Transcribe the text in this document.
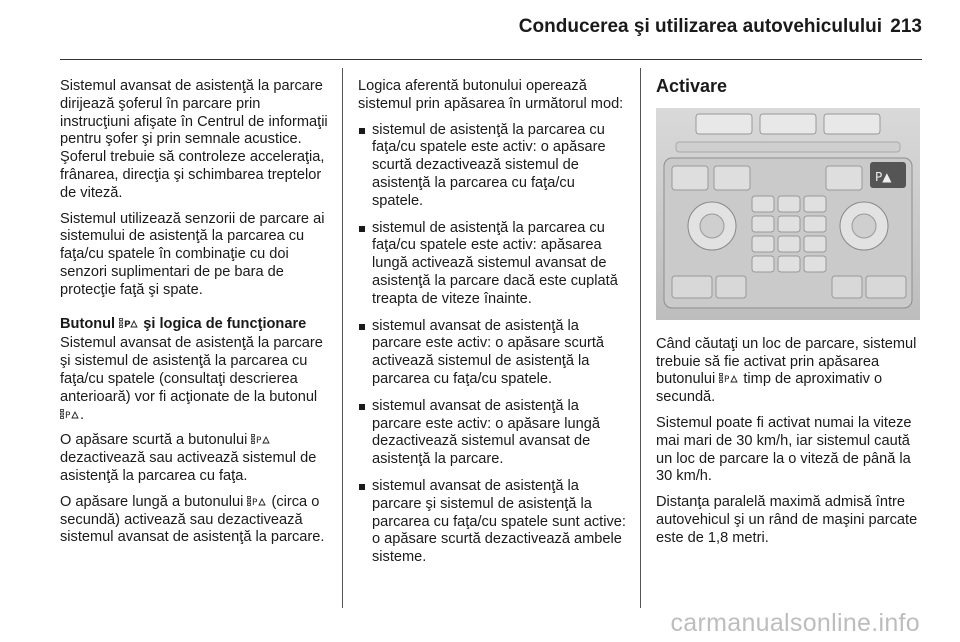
Conducerea şi utilizarea autovehiculului 213

Sistemul avansat de asistenţă la parcare dirijează şoferul în parcare prin instrucţiuni afişate în Centrul de informaţii pentru şofer şi prin semnale acustice. Şoferul trebuie să controleze acceleraţia, frânarea, direcţia şi schimbarea treptelor de viteză.

Sistemul utilizează senzorii de parcare ai sistemului de asistenţă la parcarea cu faţa/cu spatele în combinaţie cu doi senzori suplimentari de pe bara de protecţie faţă şi spate.

Butonul P şi logica de funcţionare

Sistemul avansat de asistenţă la parcare şi sistemul de asistenţă la parcarea cu faţa/cu spatele (consultaţi descrierea anterioară) vor fi acţionate de la butonul
P .

O apăsare scurtă a butonului P
dezactivează sau activează sistemul de asistenţă la parcarea cu faţa.

O apăsare lungă a butonului P (circa o secundă) activează sau dezactivează sistemul avansat de asistenţă la parcare.

Logica aferentă butonului operează sistemul prin apăsarea în următorul mod:

sistemul de asistenţă la parcarea cu faţa/cu spatele este activ: o apăsare scurtă dezactivează sistemul de asistenţă la parcarea cu faţa/cu spatele.
sistemul de asistenţă la parcarea cu faţa/cu spatele este activ: apăsarea lungă activează sistemul avansat de asistenţă la parcare dacă este cuplată treapta de viteze înainte.
sistemul avansat de asistenţă la parcare este activ: o apăsare scurtă activează sistemul de asistenţă la parcarea cu faţa/cu spatele.
sistemul avansat de asistenţă la parcare este activ: o apăsare lungă dezactivează sistemul avansat de asistenţă la parcare.
sistemul avansat de asistenţă la parcare şi sistemul de asistenţă la parcarea cu faţa/cu spatele sunt active: o apăsare scurtă dezactivează ambele sisteme.
Activare
P▲

Când căutaţi un loc de parcare, sistemul trebuie să fie activat prin apăsarea butonului P timp de aproximativ o secundă.

Sistemul poate fi activat numai la viteze mai mari de 30 km/h, iar sistemul caută un loc de parcare la o viteză de până la 30 km/h.

Distanţa paralelă maximă admisă între autovehicul şi un rând de maşini parcate este de 1,8 metri.

carmanualsonline.info
